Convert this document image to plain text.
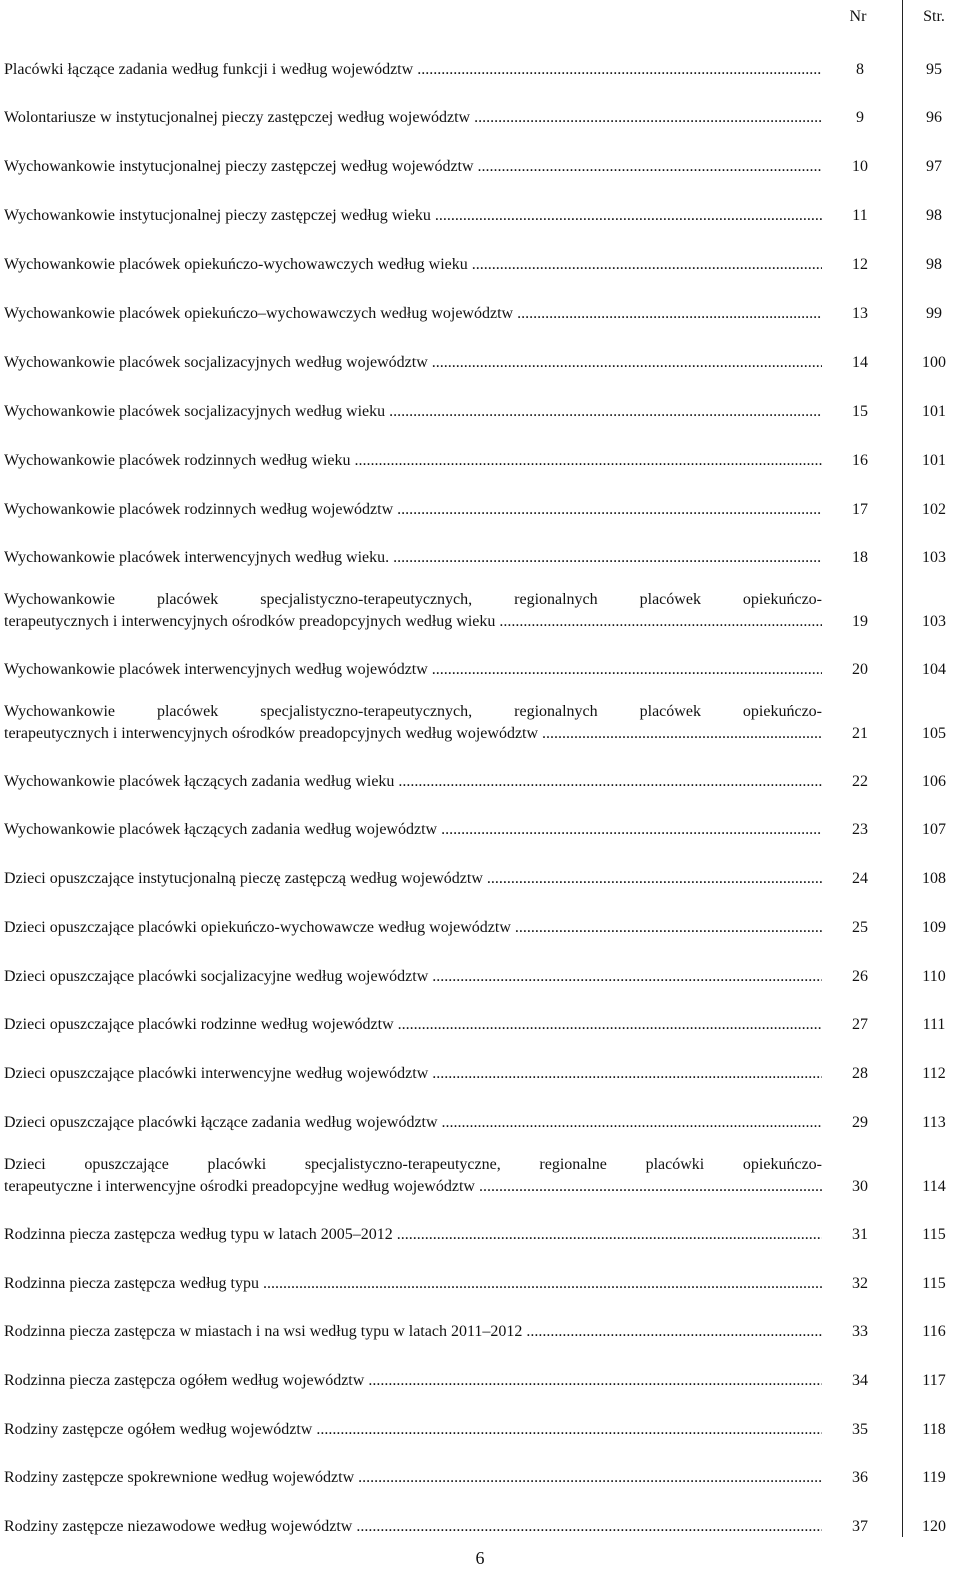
Nr	Str.
Placówki łączące zadania według funkcji i według województw .....	8	95
Wolontariusze w instytucjonalnej pieczy zastępczej według województw .....	9	96
Wychowankowie instytucjonalnej pieczy zastępczej według województw .....	10	97
Wychowankowie instytucjonalnej pieczy zastępczej według wieku .....	11	98
Wychowankowie placówek opiekuńczo-wychowawczych według wieku .....	12	98
Wychowankowie placówek opiekuńczo–wychowawczych według województw .....	13	99
Wychowankowie placówek socjalizacyjnych według województw .....	14	100
Wychowankowie placówek socjalizacyjnych według wieku .....	15	101
Wychowankowie placówek rodzinnych według wieku .....	16	101
Wychowankowie placówek rodzinnych według województw .....	17	102
Wychowankowie placówek interwencyjnych według wieku. .....	18	103
Wychowankowie placówek specjalistyczno-terapeutycznych, regionalnych placówek opiekuńczo-
terapeutycznych i interwencyjnych ośrodków preadopcyjnych według wieku .....	19	103
Wychowankowie placówek interwencyjnych według województw .....	20	104
Wychowankowie placówek specjalistyczno-terapeutycznych, regionalnych placówek opiekuńczo-
terapeutycznych i interwencyjnych ośrodków preadopcyjnych według województw .....	21	105
Wychowankowie placówek łączących zadania według wieku .....	22	106
Wychowankowie placówek łączących zadania według województw .....	23	107
Dzieci opuszczające instytucjonalną pieczę zastępczą według województw .....	24	108
Dzieci opuszczające placówki opiekuńczo-wychowawcze według województw .....	25	109
Dzieci opuszczające placówki socjalizacyjne według województw .....	26	110
Dzieci opuszczające placówki rodzinne według województw .....	27	111
Dzieci opuszczające placówki interwencyjne według województw .....	28	112
Dzieci opuszczające placówki łączące zadania według województw .....	29	113
Dzieci opuszczające placówki specjalistyczno-terapeutyczne, regionalne placówki opiekuńczo-
terapeutyczne i interwencyjne ośrodki preadopcyjne według województw .....	30	114
Rodzinna piecza zastępcza według typu w latach 2005–2012 .....	31	115
Rodzinna piecza zastępcza według typu .....	32	115
Rodzinna piecza zastępcza w miastach i na wsi według typu w latach 2011–2012 .....	33	116
Rodzinna piecza zastępcza ogółem według województw .....	34	117
Rodziny zastępcze ogółem według województw .....	35	118
Rodziny zastępcze spokrewnione według województw .....	36	119
Rodziny zastępcze niezawodowe według województw .....	37	120
6
